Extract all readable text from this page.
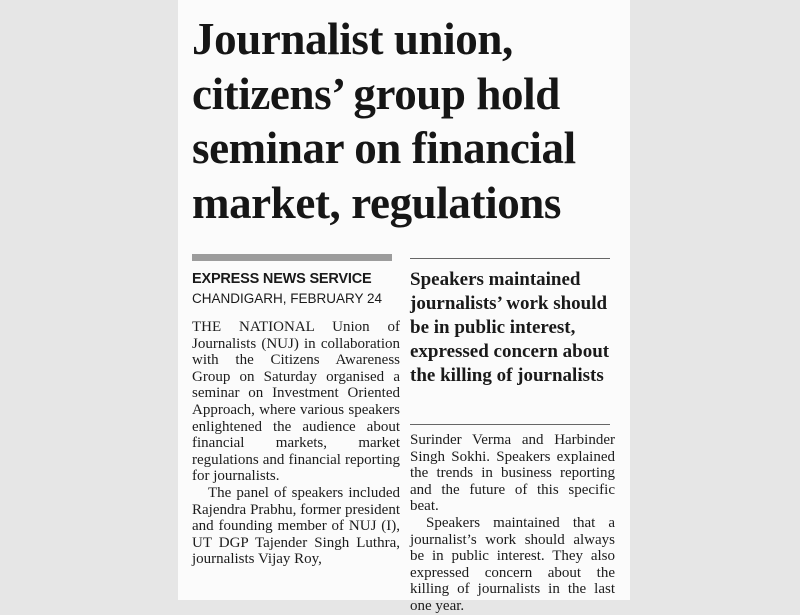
Journalist union,
citizens’ group hold
seminar on financial
market, regulations
EXPRESS NEWS SERVICE
CHANDIGARH, FEBRUARY 24

THE NATIONAL Union of Journalists (NUJ) in collaboration with the Citizens Awareness Group on Saturday organised a seminar on Investment Oriented Approach, where various speakers enlightened the audience about financial markets, market regulations and financial reporting for journalists.

The panel of speakers included Rajendra Prabhu, former president and founding member of NUJ (I), UT DGP Tajender Singh Luthra, journalists Vijay Roy,

Speakers maintained journalists’ work should be in public interest, expressed concern about the killing of journalists

Surinder Verma and Harbinder Singh Sokhi. Speakers explained the trends in business reporting and the future of this specific beat.

Speakers maintained that a journalist’s work should always be in public interest. They also expressed concern about the killing of journalists in the last one year.
